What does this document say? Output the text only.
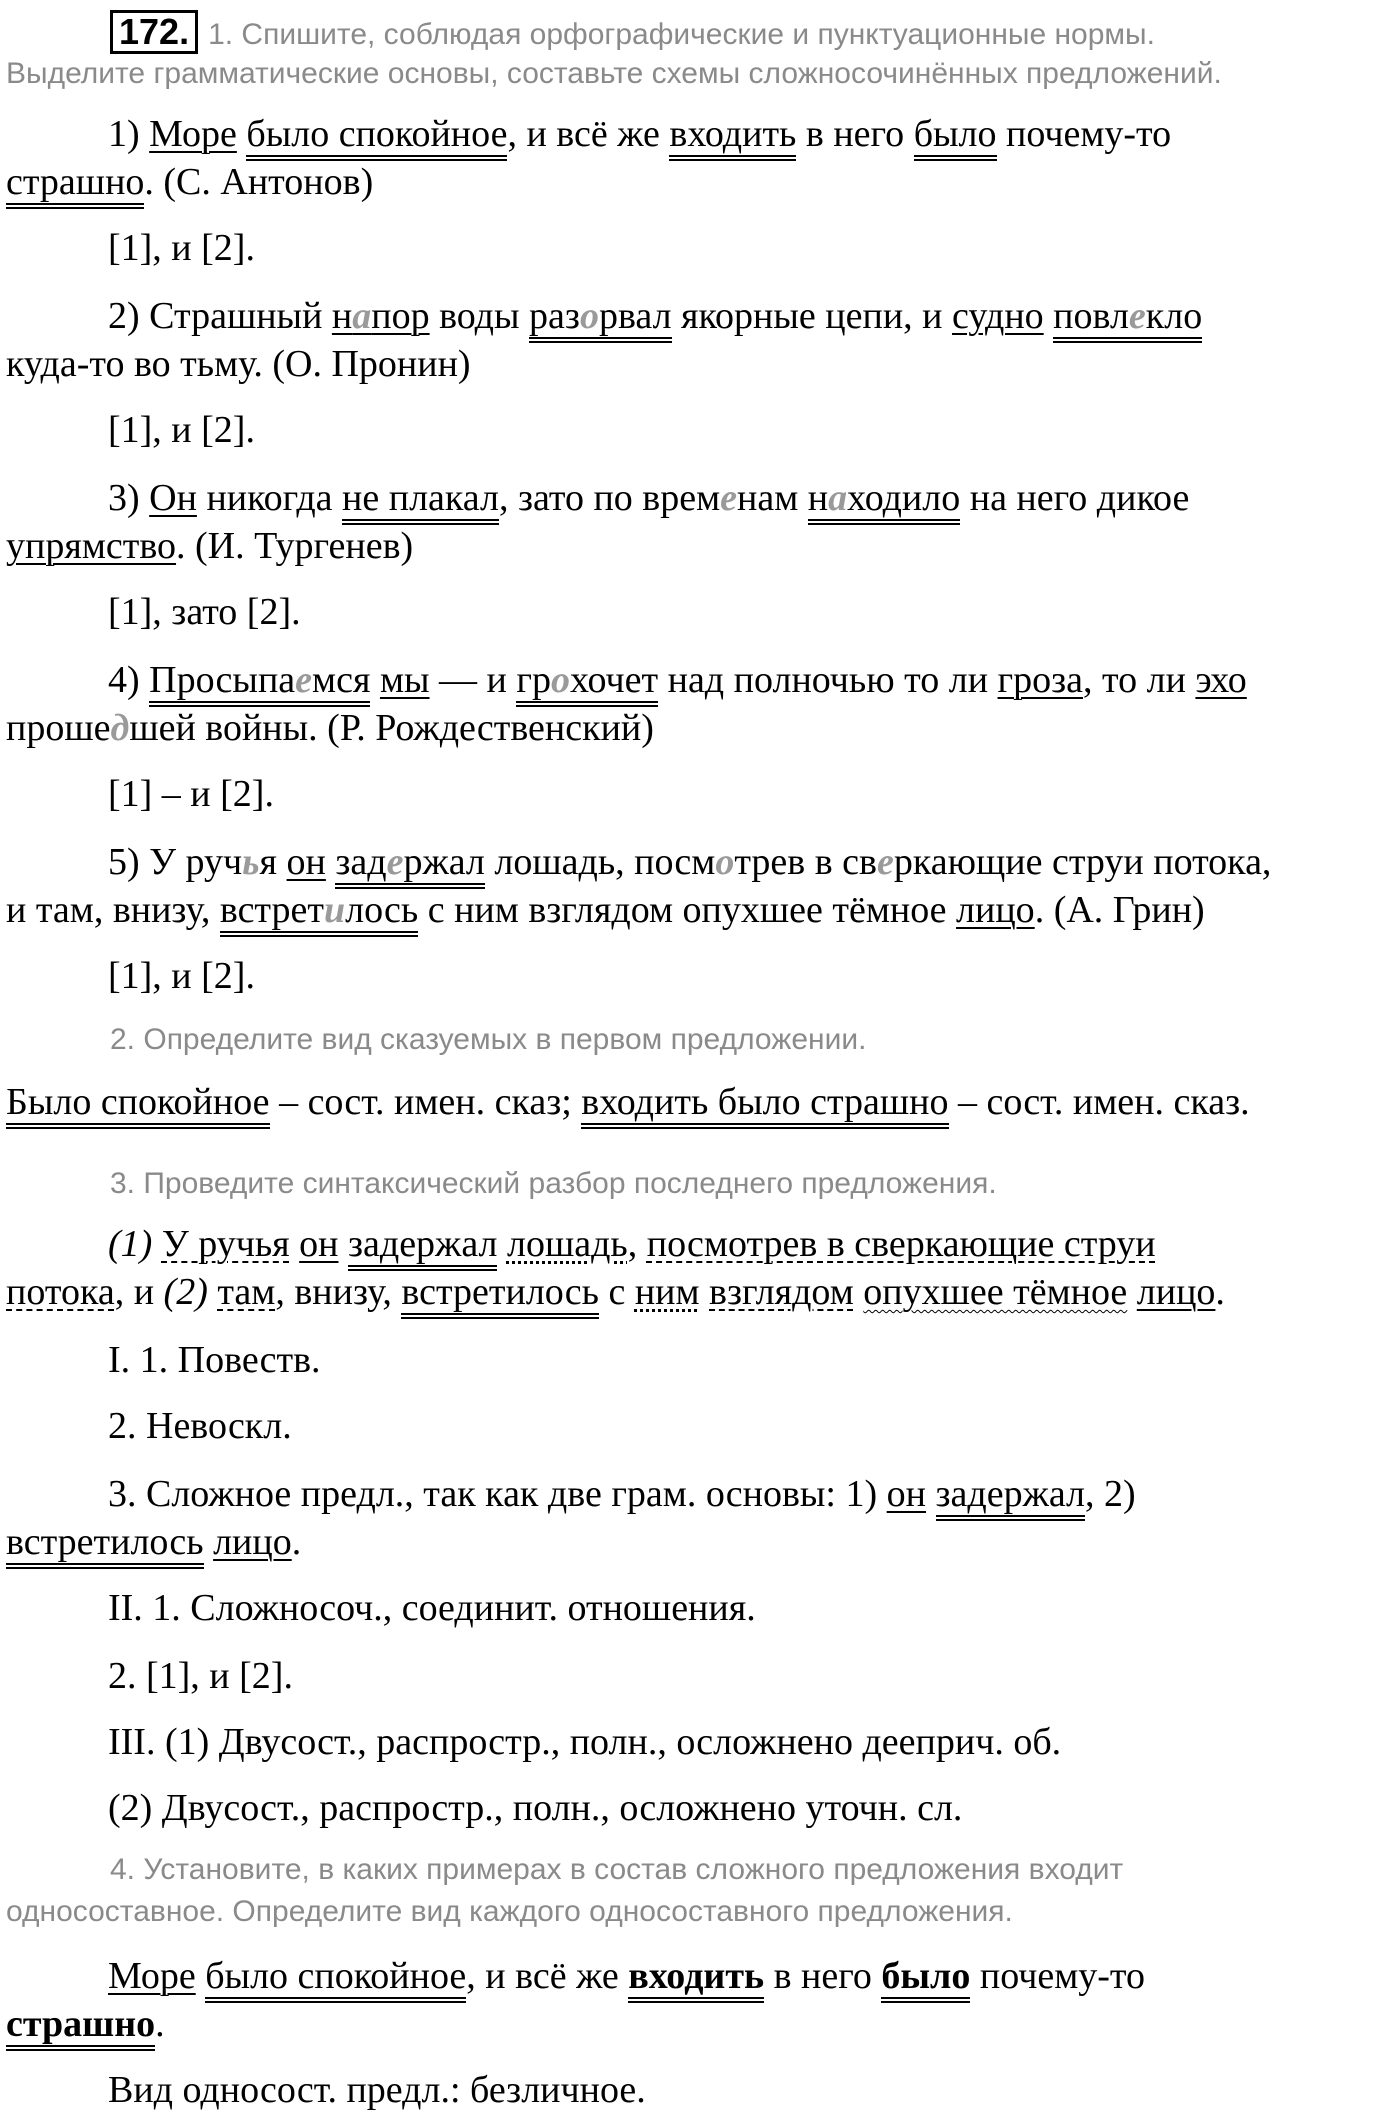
172. 1. Спишите, соблюдая орфографические и пунктуационные нормы.
Выделите грамматические основы, составьте схемы сложносочинённых предложений.
1) Море было спокойное, и всё же входить в него было почему-то
страшно. (С. Антонов)
[1], и [2].
2) Страшный напор воды разорвал якорные цепи, и судно повлекло
куда-то во тьму. (О. Пронин)
[1], и [2].
3) Он никогда не плакал, зато по временам находило на него дикое
упрямство. (И. Тургенев)
[1], зато [2].
4) Просыпаемся мы — и грохочет над полночью то ли гроза, то ли эхо
прошедшей войны. (Р. Рождественский)
[1] – и [2].
5) У ручья он задержал лошадь, посмотрев в сверкающие струи потока,
и там, внизу, встретилось с ним взглядом опухшее тёмное лицо. (А. Грин)
[1], и [2].
2. Определите вид сказуемых в первом предложении.
Было спокойное – сост. имен. сказ; входить было страшно – сост. имен. сказ.
3. Проведите синтаксический разбор последнего предложения.
(1) У ручья он задержал лошадь, посмотрев в сверкающие струи
потока, и (2) там, внизу, встретилось с ним взглядом опухшее тёмное лицо.
I. 1. Повеств.
2. Невоскл.
3. Сложное предл., так как две грам. основы: 1) он задержал, 2)
встретилось лицо.
II. 1. Сложносоч., соединит. отношения.
2. [1], и [2].
III. (1) Двусост., распростр., полн., осложнено дееприч. об.
(2) Двусост., распростр., полн., осложнено уточн. сл.
4. Установите, в каких примерах в состав сложного предложения входит
односоставное. Определите вид каждого односоставного предложения.
Море было спокойное, и всё же входить в него было почему-то
страшно.
Вид односост. предл.: безличное.
